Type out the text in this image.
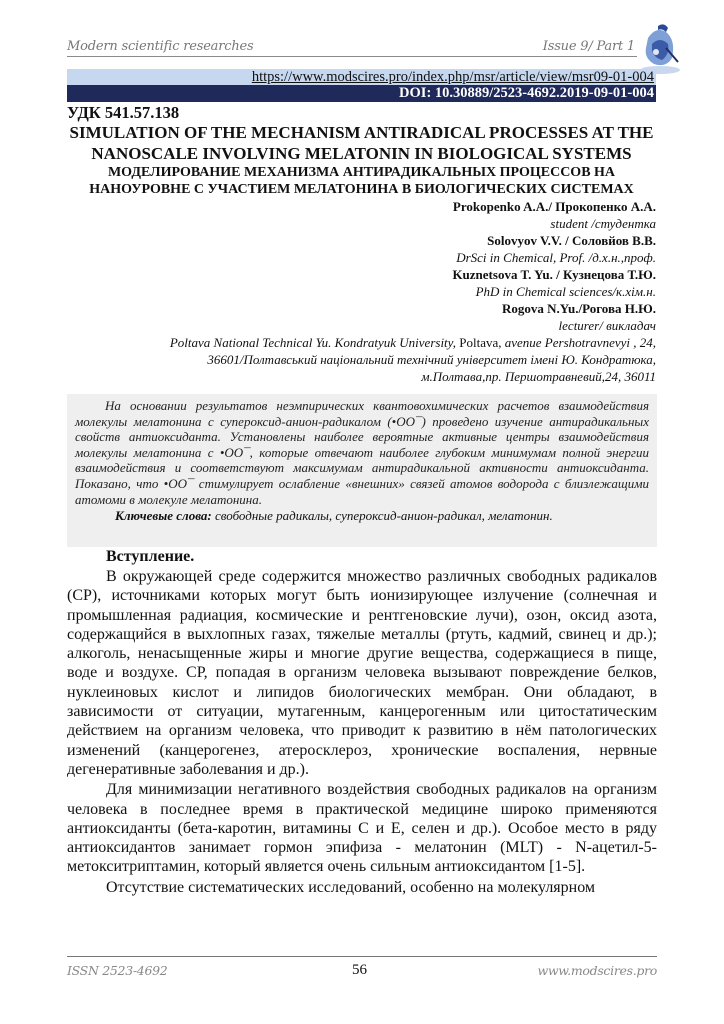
Modern scientific researches	Issue 9/ Part 1
https://www.modscires.pro/index.php/msr/article/view/msr09-01-004
DOI: 10.30889/2523-4692.2019-09-01-004
УДК 541.57.138
SIMULATION OF THE MECHANISM ANTIRADICAL PROCESSES AT THE NANOSCALE INVOLVING MELATONIN IN BIOLOGICAL SYSTEMS
МОДЕЛИРОВАНИЕ МЕХАНИЗМА АНТИРАДИКАЛЬНЫХ ПРОЦЕССОВ НА НАНОУРОВНЕ С УЧАСТИЕМ МЕЛАТОНИНА В БИОЛОГИЧЕСКИХ СИСТЕМАХ
Prokopenko A.A./ Прокопенко А.А.
student /студентка
Solovyov V.V. / Соловйов В.В.
DrSci in Chemical, Prof. /д.х.н.,проф.
Kuznetsova T. Yu. / Кузнецова Т.Ю.
PhD in Chemical sciences/к.хім.н.
Rogova N.Yu./Рогова Н.Ю.
lecturer/ викладач
Poltava National Technical Yu. Kondratyuk University, Poltava, avenue Pershotravnevyi , 24,
36601/Полтавський національний технічний університет імені Ю. Кондратюка,
м.Полтава,пр. Першотравневий,24, 36011

На основании результатов неэмпирических квантовохимических расчетов взаимодействия молекулы мелатонина с супероксид-анион-радикалом (•OO¯) проведено изучение антирадикальных свойств антиоксиданта. Установлены наиболее вероятные активные центры взаимодействия молекулы мелатонина с •OO¯, которые отвечают наиболее глубоким минимумам полной энергии взаимодействия и соответствуют максимумам антирадикальной активности антиоксиданта. Показано, что •OO¯ стимулирует ослабление «внешних» связей атомов водорода с близлежащими атомоми в молекуле мелатонина.

Ключевые слова: свободные радикалы, супероксид-анион-радикал, мелатонин.
Вступление.

В окружающей среде содержится множество различных свободных радикалов (СР), источниками которых могут быть ионизирующее излучение (солнечная и промышленная радиация, космические и рентгеновские лучи), озон, оксид азота, содержащийся в выхлопных газах, тяжелые металлы (ртуть, кадмий, свинец и др.); алкоголь, ненасыщенные жиры и многие другие вещества, содержащиеся в пище, воде и воздухе. СР, попадая в организм человека вызывают повреждение белков, нуклеиновых кислот и липидов биологических мембран. Они обладают, в зависимости от ситуации, мутагенным, канцерогенным или цитостатическим действием на организм человека, что приводит к развитию в нём патологических изменений (канцерогенез, атеросклероз, хронические воспаления, нервные дегенеративные заболевания и др.).

Для минимизации негативного воздействия свободных радикалов на организм человека в последнее время в практической медицине широко применяются антиоксиданты (бета-каротин, витамины С и Е, селен и др.). Особое место в ряду антиоксидантов занимает гормон эпифиза - мелатонин (MLT) - N-ацетил-5-метокситриптамин, который является очень сильным антиоксидантом [1-5].

Отсутствие систематических исследований, особенно на молекулярном

ISSN 2523-4692	56	www.modscires.pro
